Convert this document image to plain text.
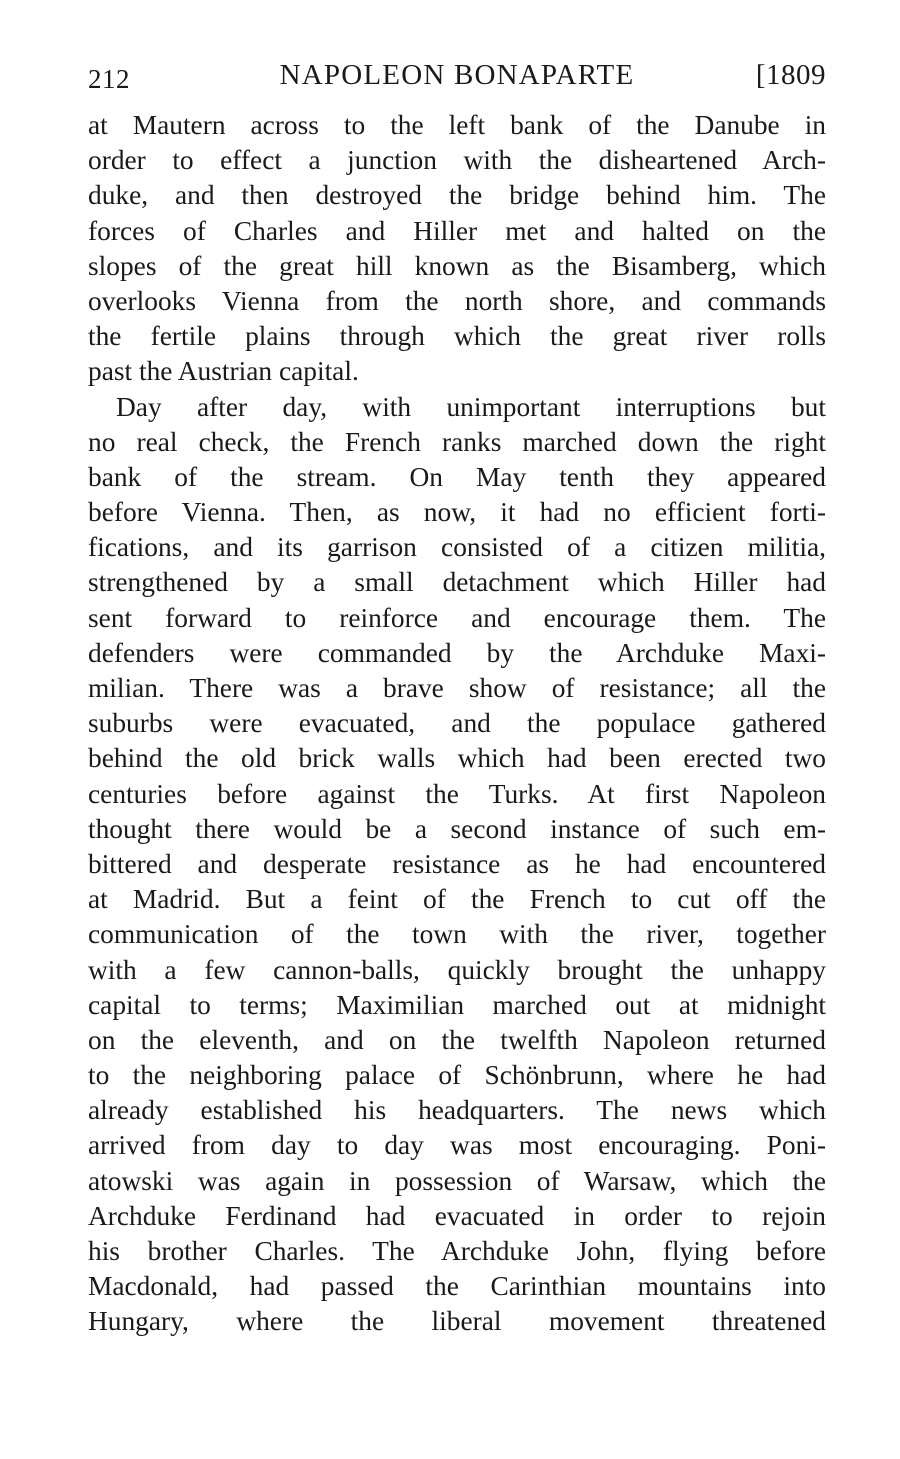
212	NAPOLEON BONAPARTE	[1809
at Mautern across to the left bank of the Danube in
order to effect a junction with the disheartened Arch-
duke, and then destroyed the bridge behind him. The
forces of Charles and Hiller met and halted on the
slopes of the great hill known as the Bisamberg, which
overlooks Vienna from the north shore, and commands
the fertile plains through which the great river rolls
past the Austrian capital.
Day after day, with unimportant interruptions but
no real check, the French ranks marched down the right
bank of the stream. On May tenth they appeared
before Vienna. Then, as now, it had no efficient forti-
fications, and its garrison consisted of a citizen militia,
strengthened by a small detachment which Hiller had
sent forward to reinforce and encourage them. The
defenders were commanded by the Archduke Maxi-
milian. There was a brave show of resistance; all the
suburbs were evacuated, and the populace gathered
behind the old brick walls which had been erected two
centuries before against the Turks. At first Napoleon
thought there would be a second instance of such em-
bittered and desperate resistance as he had encountered
at Madrid. But a feint of the French to cut off the
communication of the town with the river, together
with a few cannon-balls, quickly brought the unhappy
capital to terms; Maximilian marched out at midnight
on the eleventh, and on the twelfth Napoleon returned
to the neighboring palace of Schönbrunn, where he had
already established his headquarters. The news which
arrived from day to day was most encouraging. Poni-
atowski was again in possession of Warsaw, which the
Archduke Ferdinand had evacuated in order to rejoin
his brother Charles. The Archduke John, flying before
Macdonald, had passed the Carinthian mountains into
Hungary, where the liberal movement threatened
